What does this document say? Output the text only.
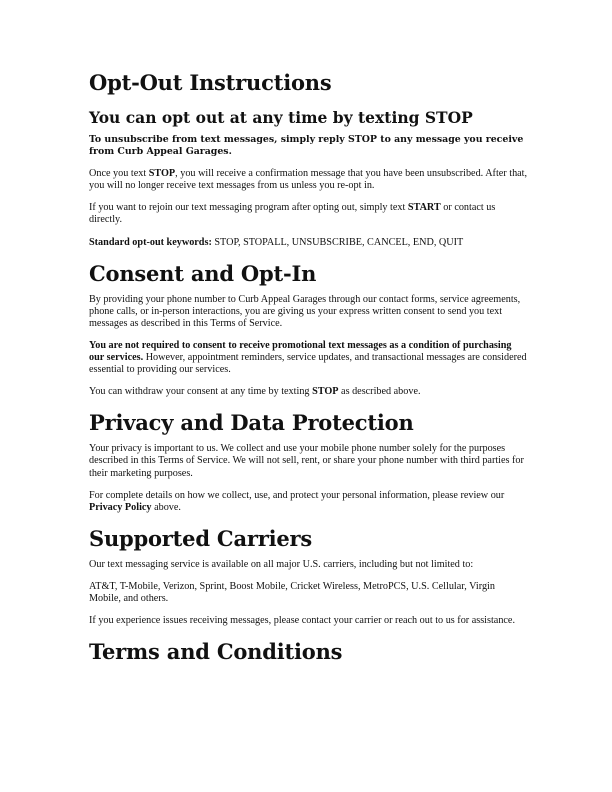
Opt-Out Instructions
You can opt out at any time by texting STOP

To unsubscribe from text messages, simply reply STOP to any message you receive from Curb Appeal Garages.

Once you text STOP, you will receive a confirmation message that you have been unsubscribed. After that, you will no longer receive text messages from us unless you re-opt in.

If you want to rejoin our text messaging program after opting out, simply text START or contact us directly.

Standard opt-out keywords: STOP, STOPALL, UNSUBSCRIBE, CANCEL, END, QUIT

Consent and Opt-In

By providing your phone number to Curb Appeal Garages through our contact forms, service agreements, phone calls, or in-person interactions, you are giving us your express written consent to send you text messages as described in this Terms of Service.

You are not required to consent to receive promotional text messages as a condition of purchasing our services. However, appointment reminders, service updates, and transactional messages are considered essential to providing our services.

You can withdraw your consent at any time by texting STOP as described above.

Privacy and Data Protection

Your privacy is important to us. We collect and use your mobile phone number solely for the purposes described in this Terms of Service. We will not sell, rent, or share your phone number with third parties for their marketing purposes.

For complete details on how we collect, use, and protect your personal information, please review our Privacy Policy above.

Supported Carriers

Our text messaging service is available on all major U.S. carriers, including but not limited to:

AT&T, T-Mobile, Verizon, Sprint, Boost Mobile, Cricket Wireless, MetroPCS, U.S. Cellular, Virgin Mobile, and others.

If you experience issues receiving messages, please contact your carrier or reach out to us for assistance.

Terms and Conditions
